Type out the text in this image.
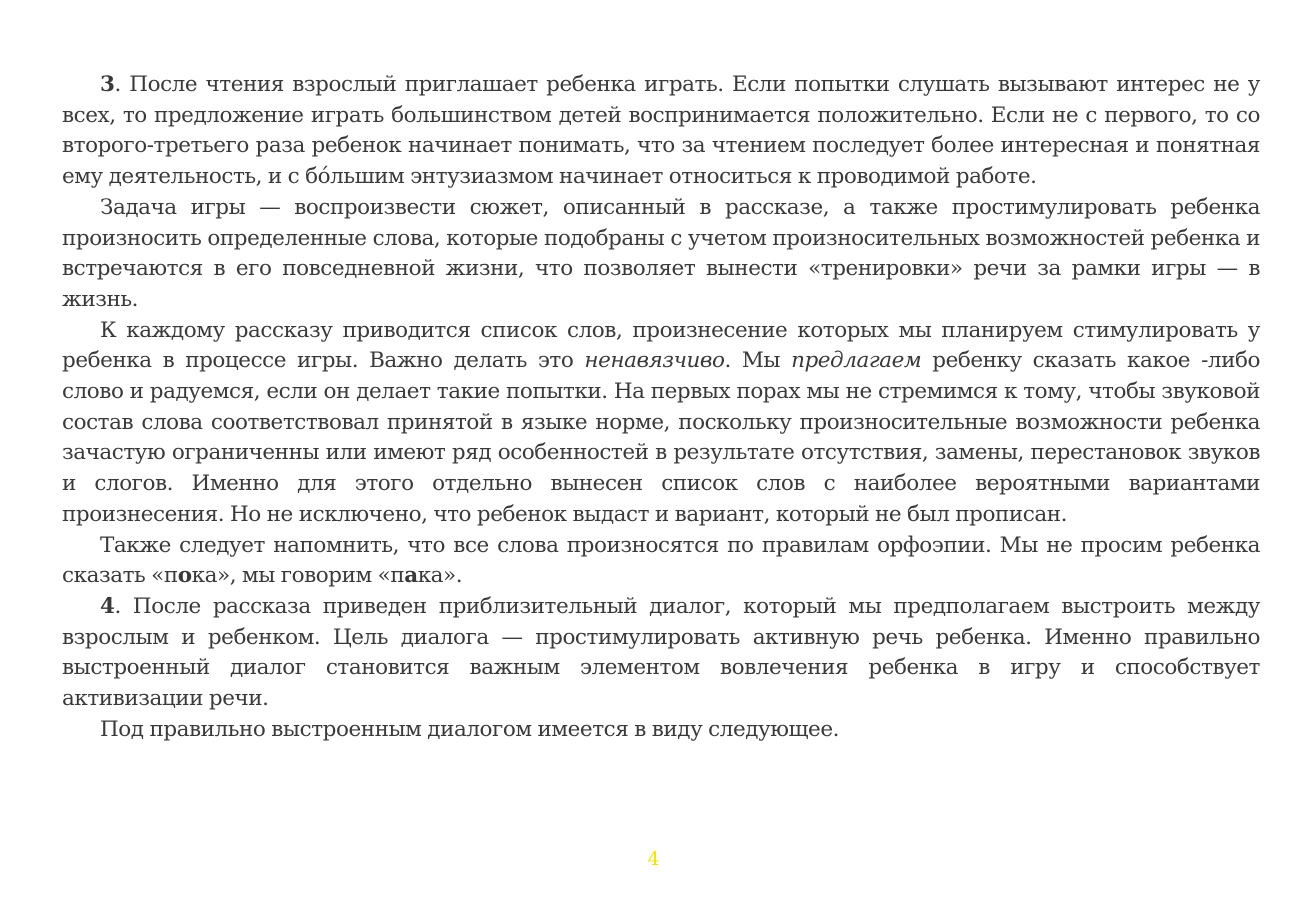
3. После чтения взрослый приглашает ребенка играть. Если попытки слушать вызывают интерес не у всех, то предложение играть большинством детей воспринимается положительно. Если не с первого, то со второго-третьего раза ребенок начинает понимать, что за чтением последует более интересная и понятная ему деятельность, и с бóльшим энтузиазмом начинает относиться к проводимой работе.

Задача игры — воспроизвести сюжет, описанный в рассказе, а также простимулировать ребенка произносить определенные слова, которые подобраны с учетом произносительных возможностей ребенка и встречаются в его повседневной жизни, что позволяет вынести «тренировки» речи за рамки игры — в жизнь.

К каждому рассказу приводится список слов, произнесение которых мы планируем стимулировать у ребенка в процессе игры. Важно делать это ненавязчиво. Мы предлагаем ребенку сказать какое -либо слово и радуемся, если он делает такие попытки. На первых порах мы не стремимся к тому, чтобы звуковой состав слова соответствовал принятой в языке норме, поскольку произносительные возможности ребенка зачастую ограниченны или имеют ряд особенностей в результате отсутствия, замены, перестановок звуков и слогов. Именно для этого отдельно вынесен список слов с наиболее вероятными вариантами произнесения. Но не исключено, что ребенок выдаст и вариант, который не был прописан.

Также следует напомнить, что все слова произносятся по правилам орфоэпии. Мы не просим ребенка сказать «пока», мы говорим «пака».

4. После рассказа приведен приблизительный диалог, который мы предполагаем выстроить между взрослым и ребенком. Цель диалога — простимулировать активную речь ребенка. Именно правильно выстроенный диалог становится важным элементом вовлечения ребенка в игру и способствует активизации речи.

Под правильно выстроенным диалогом имеется в виду следующее.

4
